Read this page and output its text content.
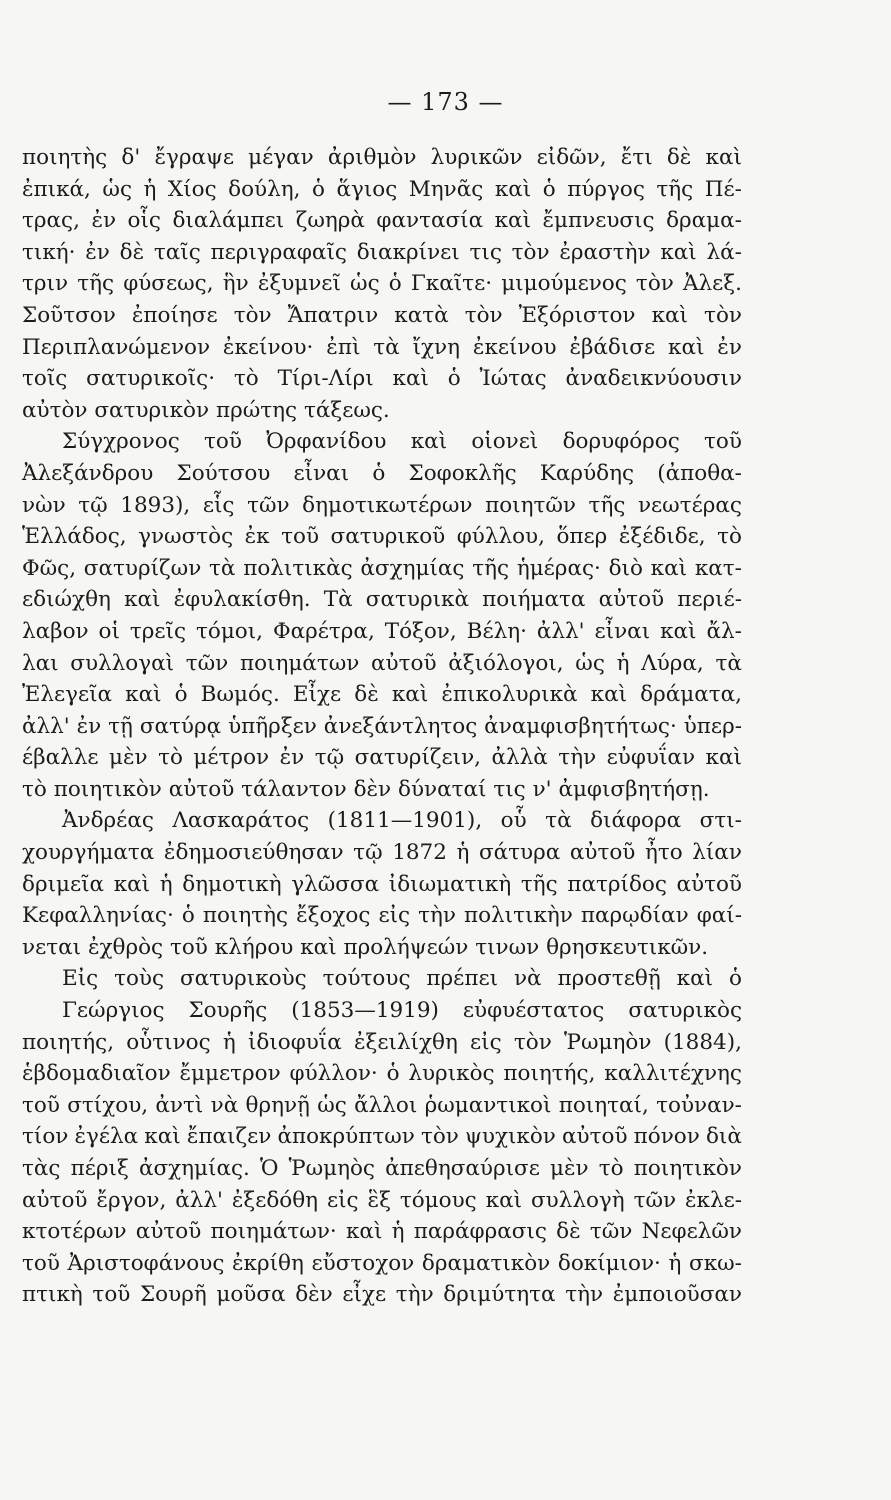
— 173 —
ποιητὴς δ' ἔγραψε μέγαν ἀριθμὸν λυρικῶν εἰδῶν, ἔτι δὲ καὶ
ἐπικά, ὡς ἡ Χίος δούλη, ὁ ἅγιος Μηνᾶς καὶ ὁ πύργος τῆς Πέ-
τρας, ἐν οἷς διαλάμπει ζωηρὰ φαντασία καὶ ἔμπνευσις δραμα-
τική· ἐν δὲ ταῖς περιγραφαῖς διακρίνει τις τὸν ἐραστὴν καὶ λά-
τριν τῆς φύσεως, ἣν ἐξυμνεῖ ὡς ὁ Γκαῖτε· μιμούμενος τὸν Ἀλεξ.
Σοῦτσον ἐποίησε τὸν Ἄπατριν κατὰ τὸν Ἐξόριστον καὶ τὸν
Περιπλανώμενον ἐκείνου· ἐπὶ τὰ ἴχνη ἐκείνου ἐβάδισε καὶ ἐν
τοῖς σατυρικοῖς· τὸ Τίρι-Λίρι καὶ ὁ Ἰώτας ἀναδεικνύουσιν
αὐτὸν σατυρικὸν πρώτης τάξεως.
Σύγχρονος τοῦ Ὀρφανίδου καὶ οἱονεὶ δορυφόρος τοῦ
Ἀλεξάνδρου Σούτσου εἶναι ὁ Σοφοκλῆς Καρύδης (ἀποθα-
νὼν τῷ 1893), εἷς τῶν δημοτικωτέρων ποιητῶν τῆς νεωτέρας
Ἑλλάδος, γνωστὸς ἐκ τοῦ σατυρικοῦ φύλλου, ὅπερ ἐξέδιδε, τὸ
Φῶς, σατυρίζων τὰ πολιτικὰς ἀσχημίας τῆς ἡμέρας· διὸ καὶ κατ-
εδιώχθη καὶ ἐφυλακίσθη. Τὰ σατυρικὰ ποιήματα αὐτοῦ περιέ-
λαβον οἱ τρεῖς τόμοι, Φαρέτρα, Τόξον, Βέλη· ἀλλ' εἶναι καὶ ἄλ-
λαι συλλογαὶ τῶν ποιημάτων αὐτοῦ ἀξιόλογοι, ὡς ἡ Λύρα, τὰ
Ἐλεγεῖα καὶ ὁ Βωμός. Εἶχε δὲ καὶ ἐπικολυρικὰ καὶ δράματα,
ἀλλ' ἐν τῇ σατύρᾳ ὑπῆρξεν ἀνεξάντλητος ἀναμφισβητήτως· ὑπερ-
έβαλλε μὲν τὸ μέτρον ἐν τῷ σατυρίζειν, ἀλλὰ τὴν εὐφυΐαν καὶ
τὸ ποιητικὸν αὐτοῦ τάλαντον δὲν δύναταί τις ν' ἀμφισβητήσῃ.
Ἀνδρέας Λασκαράτος (1811—1901), οὗ τὰ διάφορα στι-
χουργήματα ἐδημοσιεύθησαν τῷ 1872 ἡ σάτυρα αὐτοῦ ἦτο λίαν
δριμεῖα καὶ ἡ δημοτικὴ γλῶσσα ἰδιωματικὴ τῆς πατρίδος αὐτοῦ
Κεφαλληνίας· ὁ ποιητὴς ἔξοχος εἰς τὴν πολιτικὴν παρῳδίαν φαί-
νεται ἐχθρὸς τοῦ κλήρου καὶ προλήψεών τινων θρησκευτικῶν.
Εἰς τοὺς σατυρικοὺς τούτους πρέπει νὰ προστεθῇ καὶ ὁ
Γεώργιος Σουρῆς (1853—1919) εὐφυέστατος σατυρικὸς
ποιητής, οὗτινος ἡ ἰδιοφυΐα ἐξειλίχθη εἰς τὸν Ῥωμηὸν (1884),
ἑβδομαδιαῖον ἔμμετρον φύλλον· ὁ λυρικὸς ποιητής, καλλιτέχνης
τοῦ στίχου, ἀντὶ νὰ θρηνῇ ὡς ἄλλοι ῥωμαντικοὶ ποιηταί, τοὐναν-
τίον ἐγέλα καὶ ἔπαιζεν ἀποκρύπτων τὸν ψυχικὸν αὐτοῦ πόνον διὰ
τὰς πέριξ ἀσχημίας. Ὁ Ῥωμηὸς ἀπεθησαύρισε μὲν τὸ ποιητικὸν
αὐτοῦ ἔργον, ἀλλ' ἐξεδόθη εἰς ἓξ τόμους καὶ συλλογὴ τῶν ἐκλε-
κτοτέρων αὐτοῦ ποιημάτων· καὶ ἡ παράφρασις δὲ τῶν Νεφελῶν
τοῦ Ἀριστοφάνους ἐκρίθη εὔστοχον δραματικὸν δοκίμιον· ἡ σκω-
πτικὴ τοῦ Σουρῆ μοῦσα δὲν εἶχε τὴν δριμύτητα τὴν ἐμποιοῦσαν
